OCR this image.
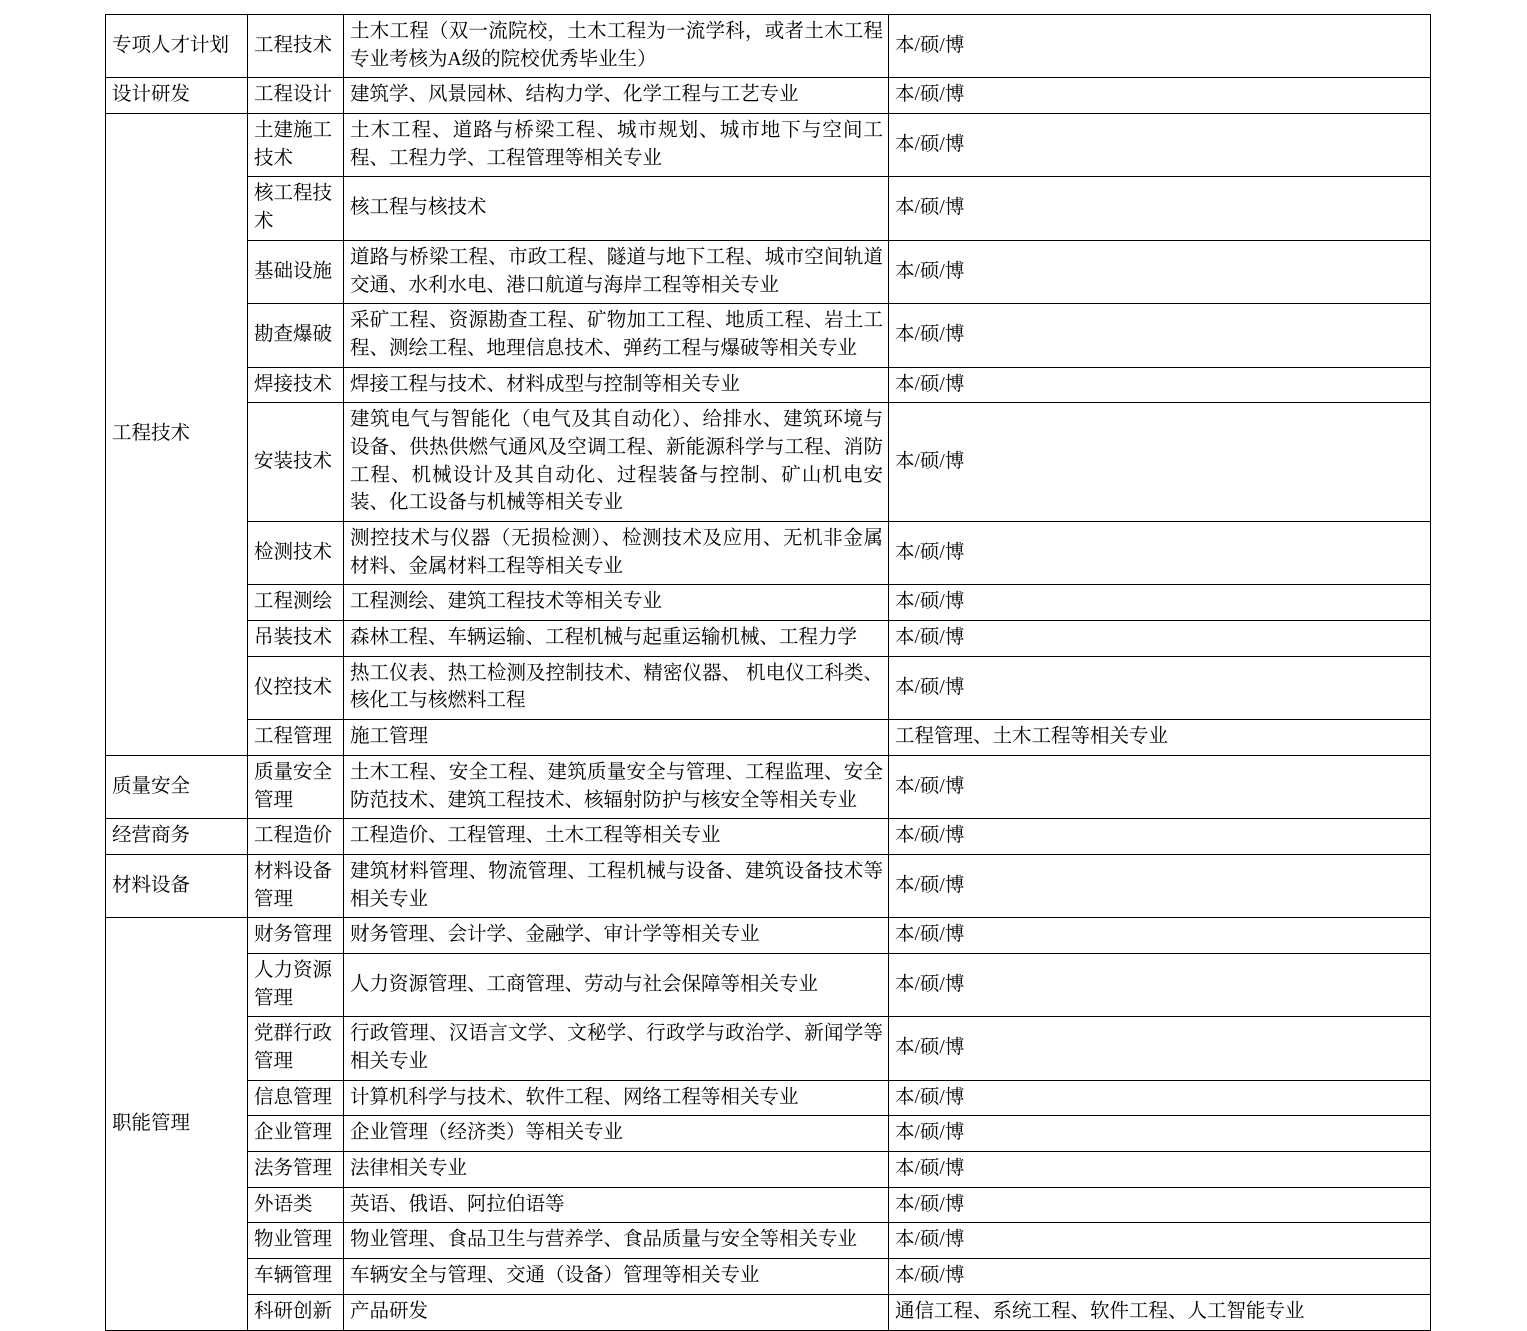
专项人才计划	工程技术	土木工程（双一流院校，土木工程为一流学科，或者土木工程专业考核为A级的院校优秀毕业生）	本/硕/博	
设计研发	工程设计	建筑学、风景园林、结构力学、化学工程与工艺专业	本/硕/博	
工程技术	土建施工技术	土木工程、道路与桥梁工程、城市规划、城市地下与空间工程、工程力学、工程管理等相关专业	本/硕/博	
	核工程技术	核工程与核技术	本/硕/博	
	基础设施	道路与桥梁工程、市政工程、隧道与地下工程、城市空间轨道交通、水利水电、港口航道与海岸工程等相关专业	本/硕/博	
	勘查爆破	采矿工程、资源勘查工程、矿物加工工程、地质工程、岩土工程、测绘工程、地理信息技术、弹药工程与爆破等相关专业	本/硕/博	
	焊接技术	焊接工程与技术、材料成型与控制等相关专业	本/硕/博	
	安装技术	建筑电气与智能化（电气及其自动化）、给排水、建筑环境与设备、供热供燃气通风及空调工程、新能源科学与工程、消防工程、机械设计及其自动化、过程装备与控制、矿山机电安装、化工设备与机械等相关专业	本/硕/博	
	检测技术	测控技术与仪器（无损检测）、检测技术及应用、无机非金属材料、金属材料工程等相关专业	本/硕/博	
	工程测绘	工程测绘、建筑工程技术等相关专业	本/硕/博	
	吊装技术	森林工程、车辆运输、工程机械与起重运输机械、工程力学	本/硕/博	
	仪控技术	热工仪表、热工检测及控制技术、精密仪器、 机电仪工科类、核化工与核燃料工程	本/硕/博	
	工程管理	施工管理	工程管理、土木工程等相关专业	
质量安全	质量安全管理	土木工程、安全工程、建筑质量安全与管理、工程监理、安全防范技术、建筑工程技术、核辐射防护与核安全等相关专业	本/硕/博	
经营商务	工程造价	工程造价、工程管理、土木工程等相关专业	本/硕/博	
材料设备	材料设备管理	建筑材料管理、物流管理、工程机械与设备、建筑设备技术等相关专业	本/硕/博	
职能管理	财务管理	财务管理、会计学、金融学、审计学等相关专业	本/硕/博	
	人力资源管理	人力资源管理、工商管理、劳动与社会保障等相关专业	本/硕/博	
	党群行政管理	行政管理、汉语言文学、文秘学、行政学与政治学、新闻学等相关专业	本/硕/博	
	信息管理	计算机科学与技术、软件工程、网络工程等相关专业	本/硕/博	
	企业管理	企业管理（经济类）等相关专业	本/硕/博	
	法务管理	法律相关专业	本/硕/博	
	外语类	英语、俄语、阿拉伯语等	本/硕/博	
	物业管理	物业管理、食品卫生与营养学、食品质量与安全等相关专业	本/硕/博	
	车辆管理	车辆安全与管理、交通（设备）管理等相关专业	本/硕/博	
	科研创新	产品研发	通信工程、系统工程、软件工程、人工智能专业	
